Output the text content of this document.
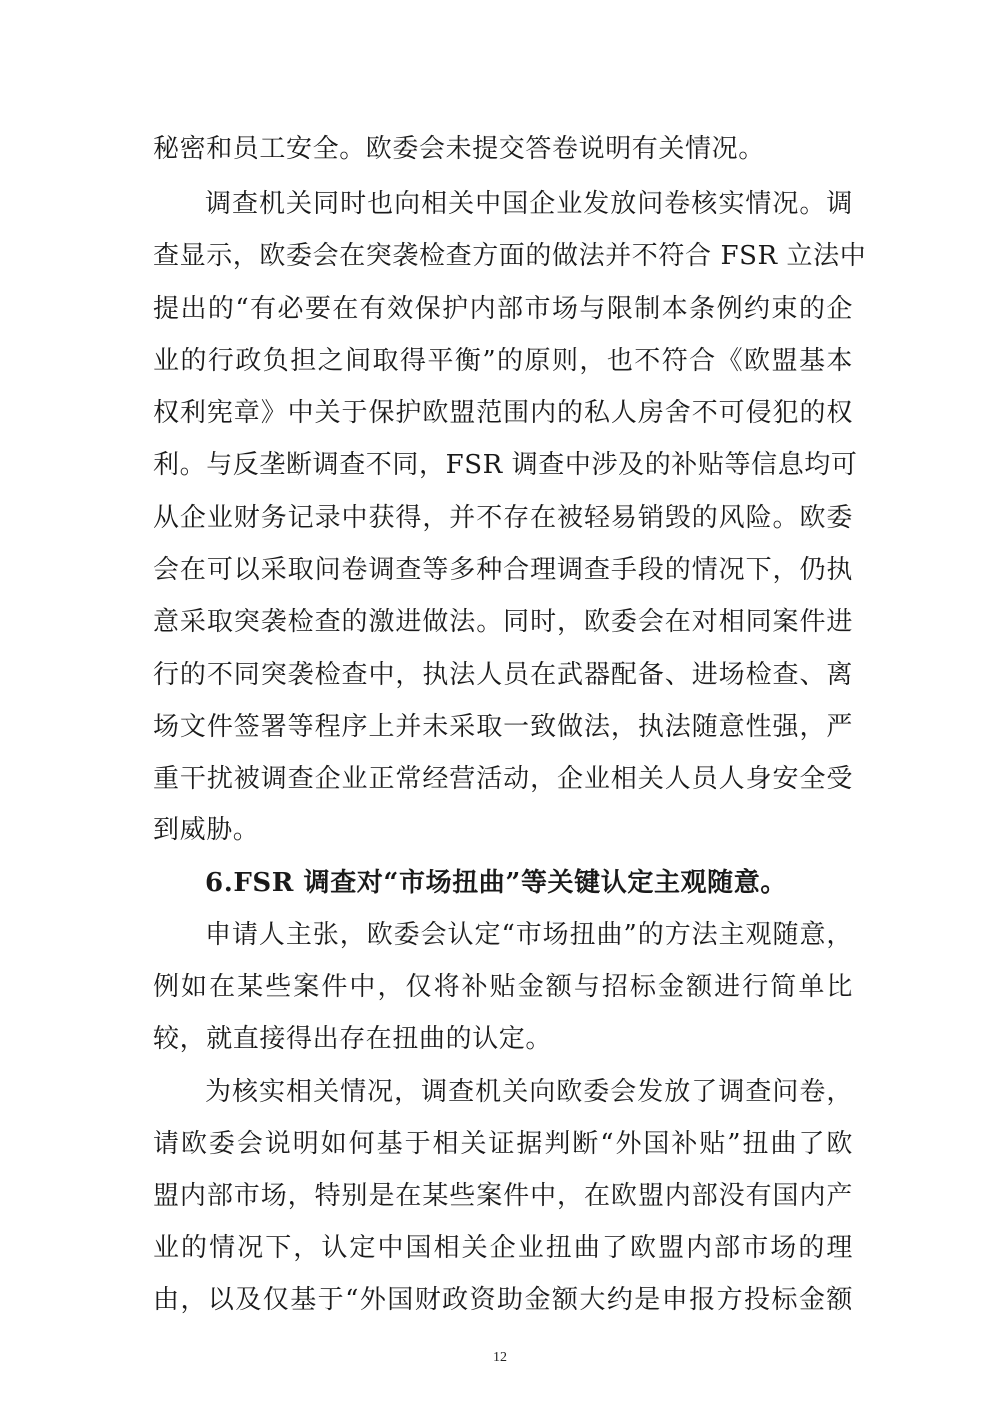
秘密和员工安全。欧委会未提交答卷说明有关情况。
调查机关同时也向相关中国企业发放问卷核实情况。调
查显示，欧委会在突袭检查方面的做法并不符合 FSR 立法中
提出的“有必要在有效保护内部市场与限制本条例约束的企
业的行政负担之间取得平衡”的原则，也不符合《欧盟基本
权利宪章》中关于保护欧盟范围内的私人房舍不可侵犯的权
利。与反垄断调查不同，FSR 调查中涉及的补贴等信息均可
从企业财务记录中获得，并不存在被轻易销毁的风险。欧委
会在可以采取问卷调查等多种合理调查手段的情况下，仍执
意采取突袭检查的激进做法。同时，欧委会在对相同案件进
行的不同突袭检查中，执法人员在武器配备、进场检查、离
场文件签署等程序上并未采取一致做法，执法随意性强，严
重干扰被调查企业正常经营活动，企业相关人员人身安全受
到威胁。
6.FSR 调查对“市场扭曲”等关键认定主观随意。
申请人主张，欧委会认定“市场扭曲”的方法主观随意，
例如在某些案件中，仅将补贴金额与招标金额进行简单比
较，就直接得出存在扭曲的认定。
为核实相关情况，调查机关向欧委会发放了调查问卷，
请欧委会说明如何基于相关证据判断“外国补贴”扭曲了欧
盟内部市场，特别是在某些案件中，在欧盟内部没有国内产
业的情况下，认定中国相关企业扭曲了欧盟内部市场的理
由，以及仅基于“外国财政资助金额大约是申报方投标金额
12
